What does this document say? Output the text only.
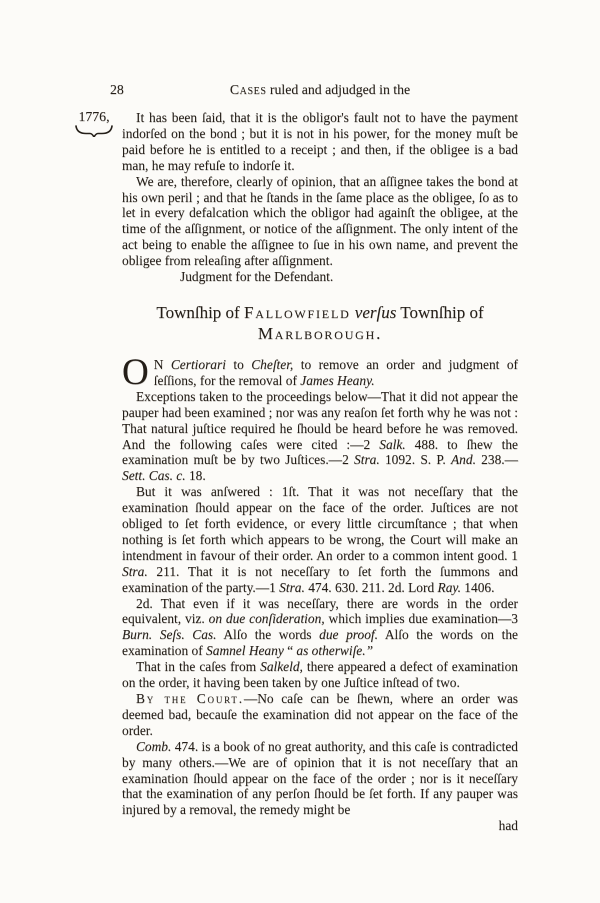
28	Cases ruled and adjudged in the
1776,	It has been ſaid, that it is the obligor's fault not to have the payment indorſed on the bond ; but it is not in his power, for the money muſt be paid before he is entitled to a receipt ; and then, if the obligee is a bad man, he may refuſe to indorſe it.

We are, therefore, clearly of opinion, that an aſſignee takes the bond at his own peril ; and that he ſtands in the ſame place as the obligee, ſo as to let in every defalcation which the obligor had againſt the obligee, at the time of the aſſignment, or notice of the aſſignment. The only intent of the act being to enable the aſſignee to ſue in his own name, and prevent the obligee from releaſing after aſſignment.

Judgment for the Defendant.

Townſhip of Fallowfield verſus Townſhip of Marlborough.

O N Certiorari to Cheſter, to remove an order and judgment of ſeſſions, for the removal of James Heany.

Exceptions taken to the proceedings below—That it did not appear the pauper had been examined ; nor was any reaſon ſet forth why he was not : That natural juſtice required he ſhould be heard before he was removed. And the following caſes were cited :—2 Salk. 488. to ſhew the examination muſt be by two Juſtices.—2 Stra. 1092. S. P. And. 238.— Sett. Cas. c. 18.

But it was anſwered : 1ſt. That it was not neceſſary that the examination ſhould appear on the face of the order. Juſtices are not obliged to ſet forth evidence, or every little circumſtance ; that when nothing is ſet forth which appears to be wrong, the Court will make an intendment in favour of their order. An order to a common intent good. 1 Stra. 211. That it is not neceſſary to ſet forth the ſummons and examination of the party.—1 Stra. 474. 630. 211. 2d. Lord Ray. 1406.

2d. That even if it was neceſſary, there are words in the order equivalent, viz. on due conſideration, which implies due examination—3 Burn. Seſs. Cas. Alſo the words due proof. Alſo the words on the examination of Samnel Heany “ as otherwiſe.”

That in the caſes from Salkeld, there appeared a defect of examination on the order, it having been taken by one Juſtice inſtead of two.

By the Court.—No caſe can be ſhewn, where an order was deemed bad, becauſe the examination did not appear on the face of the order.

Comb. 474. is a book of no great authority, and this caſe is contradicted by many others.—We are of opinion that it is not neceſſary that an examination ſhould appear on the face of the order ; nor is it neceſſary that the examination of any perſon ſhould be ſet forth. If any pauper was injured by a removal, the remedy might be

had
